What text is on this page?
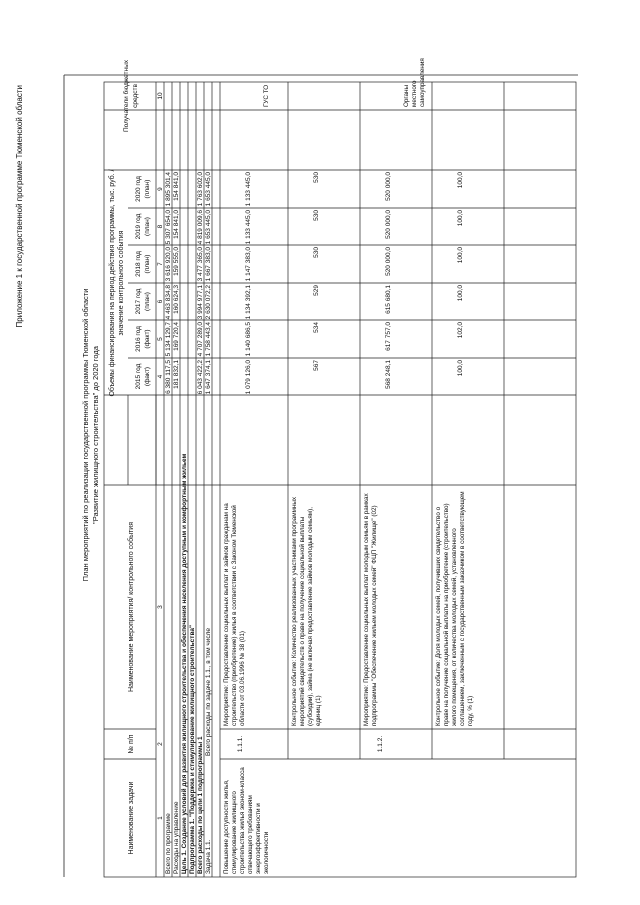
Приложение 1 к государственной программе Тюменской области
План мероприятий по реализации государственной программы Тюменской области "Развитие жилищного строительства" до 2020 года
Наименование задачи
№ п/п
Наименование мероприятия/ контрольного события
Объемы финансирования на период действия программы, тыс. руб. / значение контрольного события
Получатели бюджетных средств
2015 год (факт)
2016 год (факт)
2017 год (план)
2018 год (план)
2019 год (план)
2020 год (план)
1
2
3
4
5
6
7
8
9
10
Всего по программе
6 380 117,5
5 134 129,7
4 463 834,8
3 616 920,0
5 307 654,0
1 895 301,4
Расходы на управление
181 832,1
169 720,4
160 624,3
159 555,0
154 841,0
154 841,0
Цель 1. Создание условий для развития жилищного строительства и обеспечения населения доступным и комфортным жильем Подпрограмма 1. "Поддержка и стимулирование жилищного строительства" Всего расходы по цели 1 подпрограммы 1
6 043 422,2
4 707 289,0
3 994 977,1
3 477 365,0
4 819 009,6
1 763 602,0
Задача 1.1.
Всего расходы по задаче 1.1., в том числе
1 647 374,1
1 758 443,4
2 630 072,2
1 667 383,0
1 653 445,0
1 653 445,0
Повышение доступности жилья,стимулирование жилищногостроительства жилья эконом-классаотвечающего требованиямэнергоэффективности иэкологичности
1.1.1.
Мероприятие: Предоставление социальных выплат и займов гражданам настроительство (приобретение) жилья в соответствии с Законом Тюменскойобласти от 03.06.1996 № 38 (01)
1 079 126,0
1 140 686,5
1 134 392,1
1 147 383,0
1 133 445,0
1 133 445,0
ГУС ТО
Контрольное событие: Количество реализованных участниками программныхмероприятий свидетельств о праве на получение социальной выплаты(субсидии), займа (не включая предоставление займов молодым семьям),единиц (1)
567
534
529
530
530
530
1.1.2.
Мероприятие: Предоставление социальных выплат молодым семьям в рамкахподпрограммы "Обеспечение жильем молодых семей" ФЦП "Жилище" (02)
568 248,1
617 757,0
615 680,1
520 000,0
520 000,0
520 000,0
Органыместногосамоуправления
Контрольное событие: Доля молодых семей, получивших свидетельство оправе на получение социальной выплаты на приобретение (строительство)жилого помещения, от количества молодых семей, установленногосоглашением, заключенным с государственным заказчиком в соответствующемгоду, % (1)
100,0
102,0
100,0
100,0
100,0
100,0
